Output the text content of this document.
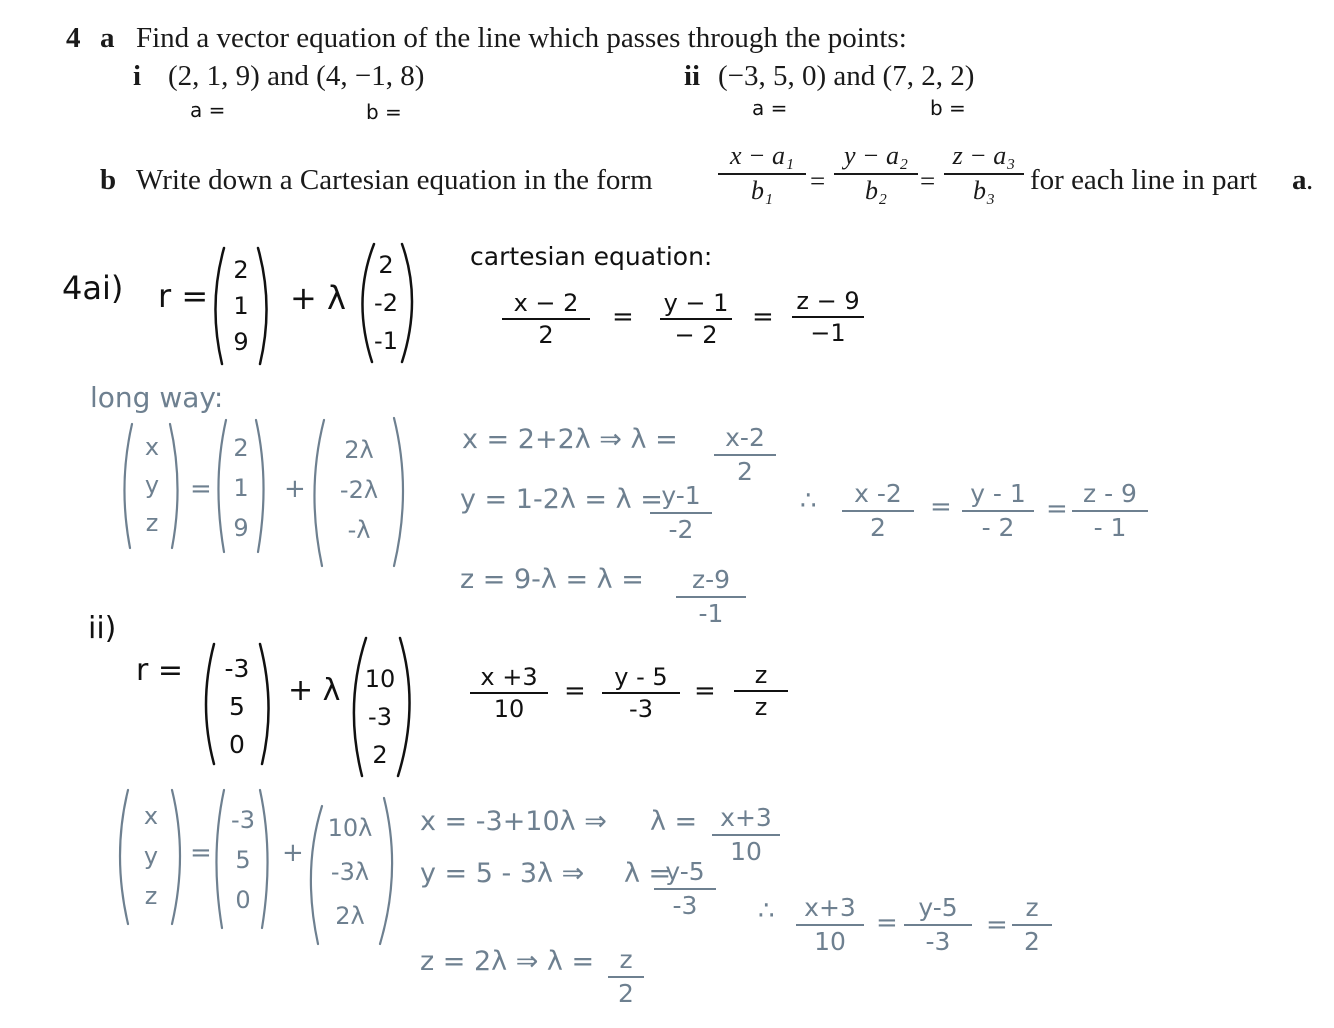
4 a Find a vector equation of the line which passes through the points:
i (2, 1, 9) and (4, −1, 8)	ii (−3, 5, 0) and (7, 2, 2)
b Write down a Cartesian equation in the form
x − a₁
b₁	=
y − a₂
b₂	=
z − a₃
b₃	for each line in part a .
a =	b =	a =	b =
4ai) r =
2
1
9
+ λ
2
-2
-1
cartesian equation:
x − 2
2
= y − 1
− 2
=
z − 9
−1
long way:
x
y
z
=
2
1
9
+
2λ
-2λ
-λ
x = 2+2λ ⇒ λ =	x-2
2
y = 1-2λ = λ =
y-1
-2
z = 9-λ = λ =	z-9
-1
∴	x -2
2
= y - 1
- 2
=
z - 9
- 1
ii)
r =	-3
5
0
+ λ 10
-3
2
x +3
10
=	y - 5
-3
=
z
z
x
y
z
=
-3
5
0
+
10λ
-3λ
2λ
x = -3+10λ ⇒ λ = x+3
10
y = 5 - 3λ ⇒ λ =
y-5
-3
z = 2λ ⇒ λ =	z
2
∴	x+3
10
=
y-5
-3
=
z
2
